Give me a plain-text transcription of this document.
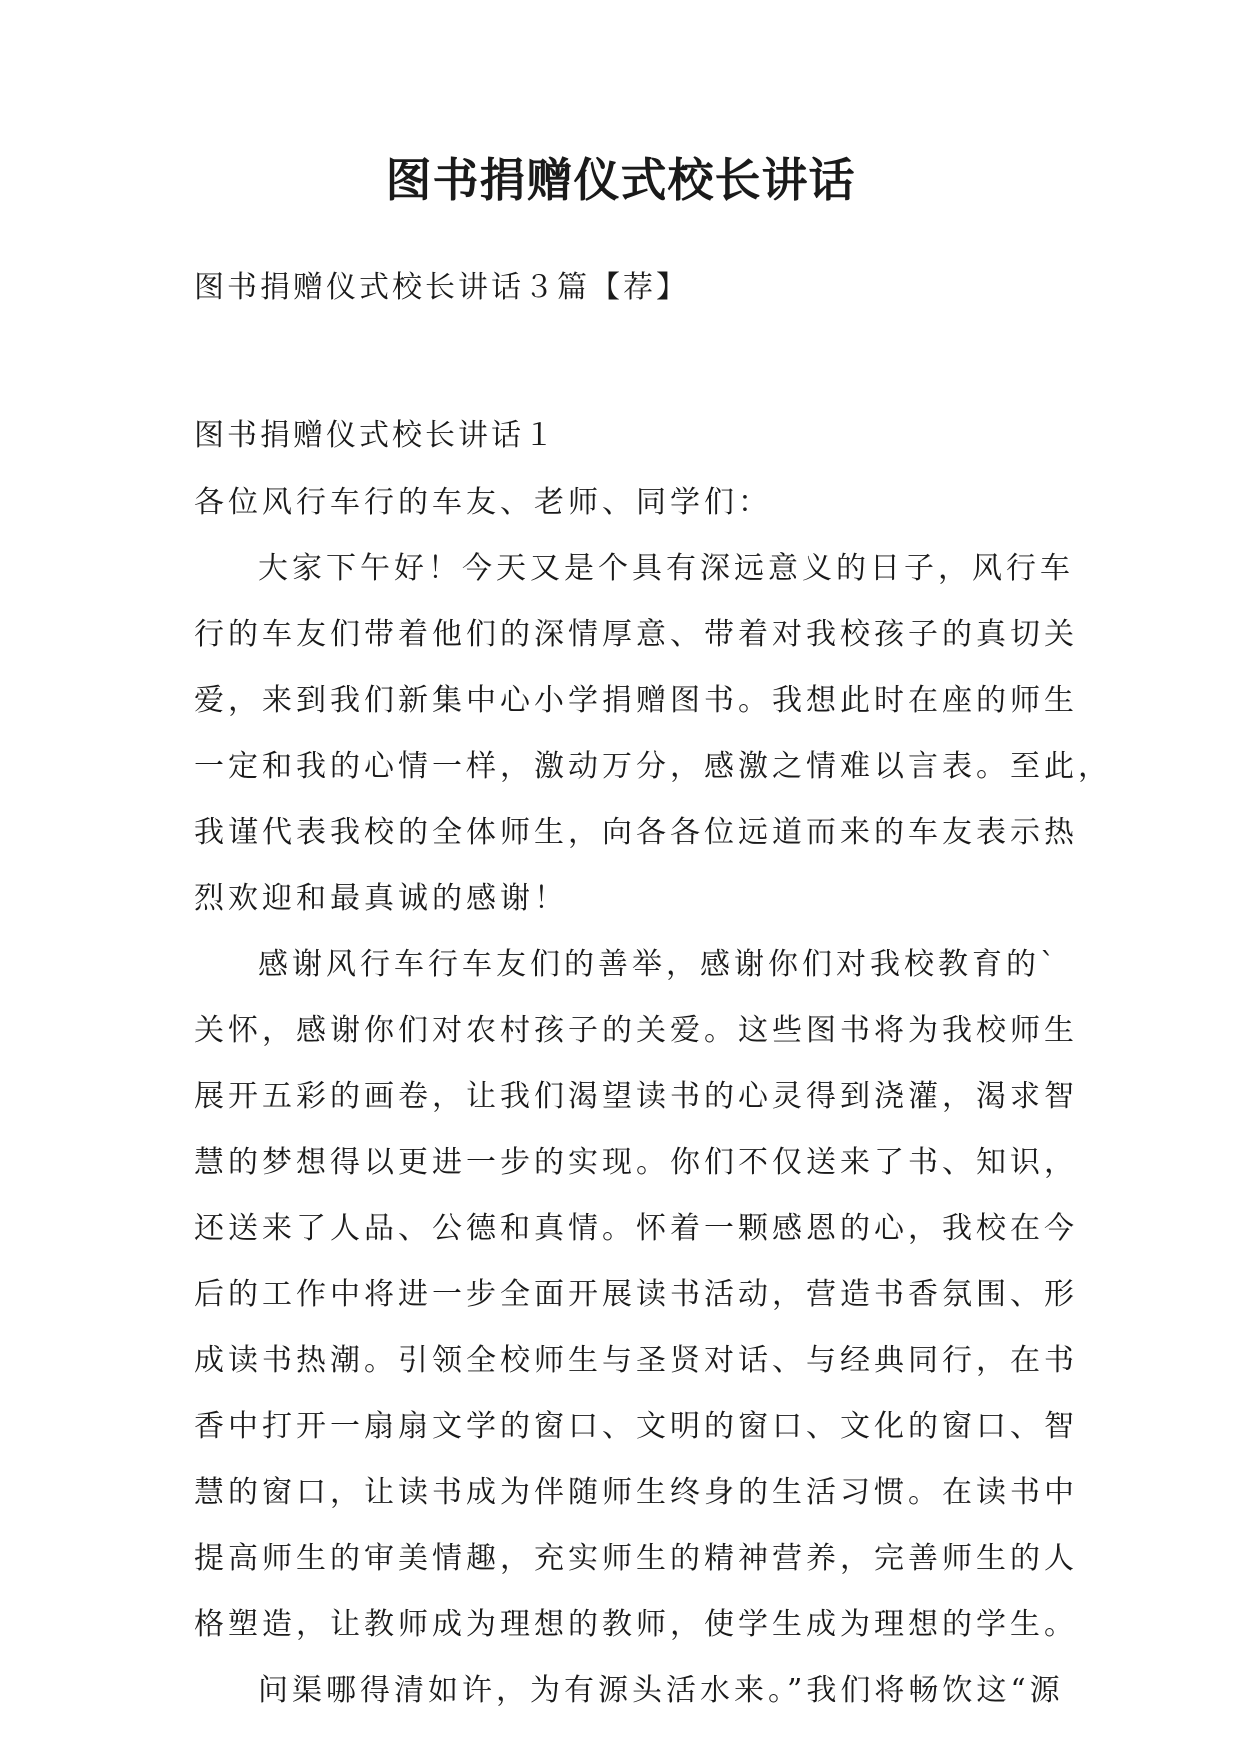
图书捐赠仪式校长讲话

图书捐赠仪式校长讲话３篇【荐】

图书捐赠仪式校长讲话１

各位风行车行的车友、老师、同学们：
大家下午好！今天又是个具有深远意义的日子，风行车
行的车友们带着他们的深情厚意、带着对我校孩子的真切关
爱，来到我们新集中心小学捐赠图书。我想此时在座的师生
一定和我的心情一样，激动万分，感激之情难以言表。至此，
我谨代表我校的全体师生，向各各位远道而来的车友表示热
烈欢迎和最真诚的感谢！
感谢风行车行车友们的善举，感谢你们对我校教育的`
关怀，感谢你们对农村孩子的关爱。这些图书将为我校师生
展开五彩的画卷，让我们渴望读书的心灵得到浇灌，渴求智
慧的梦想得以更进一步的实现。你们不仅送来了书、知识，
还送来了人品、公德和真情。怀着一颗感恩的心，我校在今
后的工作中将进一步全面开展读书活动，营造书香氛围、形
成读书热潮。引领全校师生与圣贤对话、与经典同行，在书
香中打开一扇扇文学的窗口、文明的窗口、文化的窗口、智
慧的窗口，让读书成为伴随师生终身的生活习惯。在读书中
提高师生的审美情趣，充实师生的精神营养，完善师生的人
格塑造，让教师成为理想的教师，使学生成为理想的学生。
问渠哪得清如许，为有源头活水来。”我们将畅饮这“源
